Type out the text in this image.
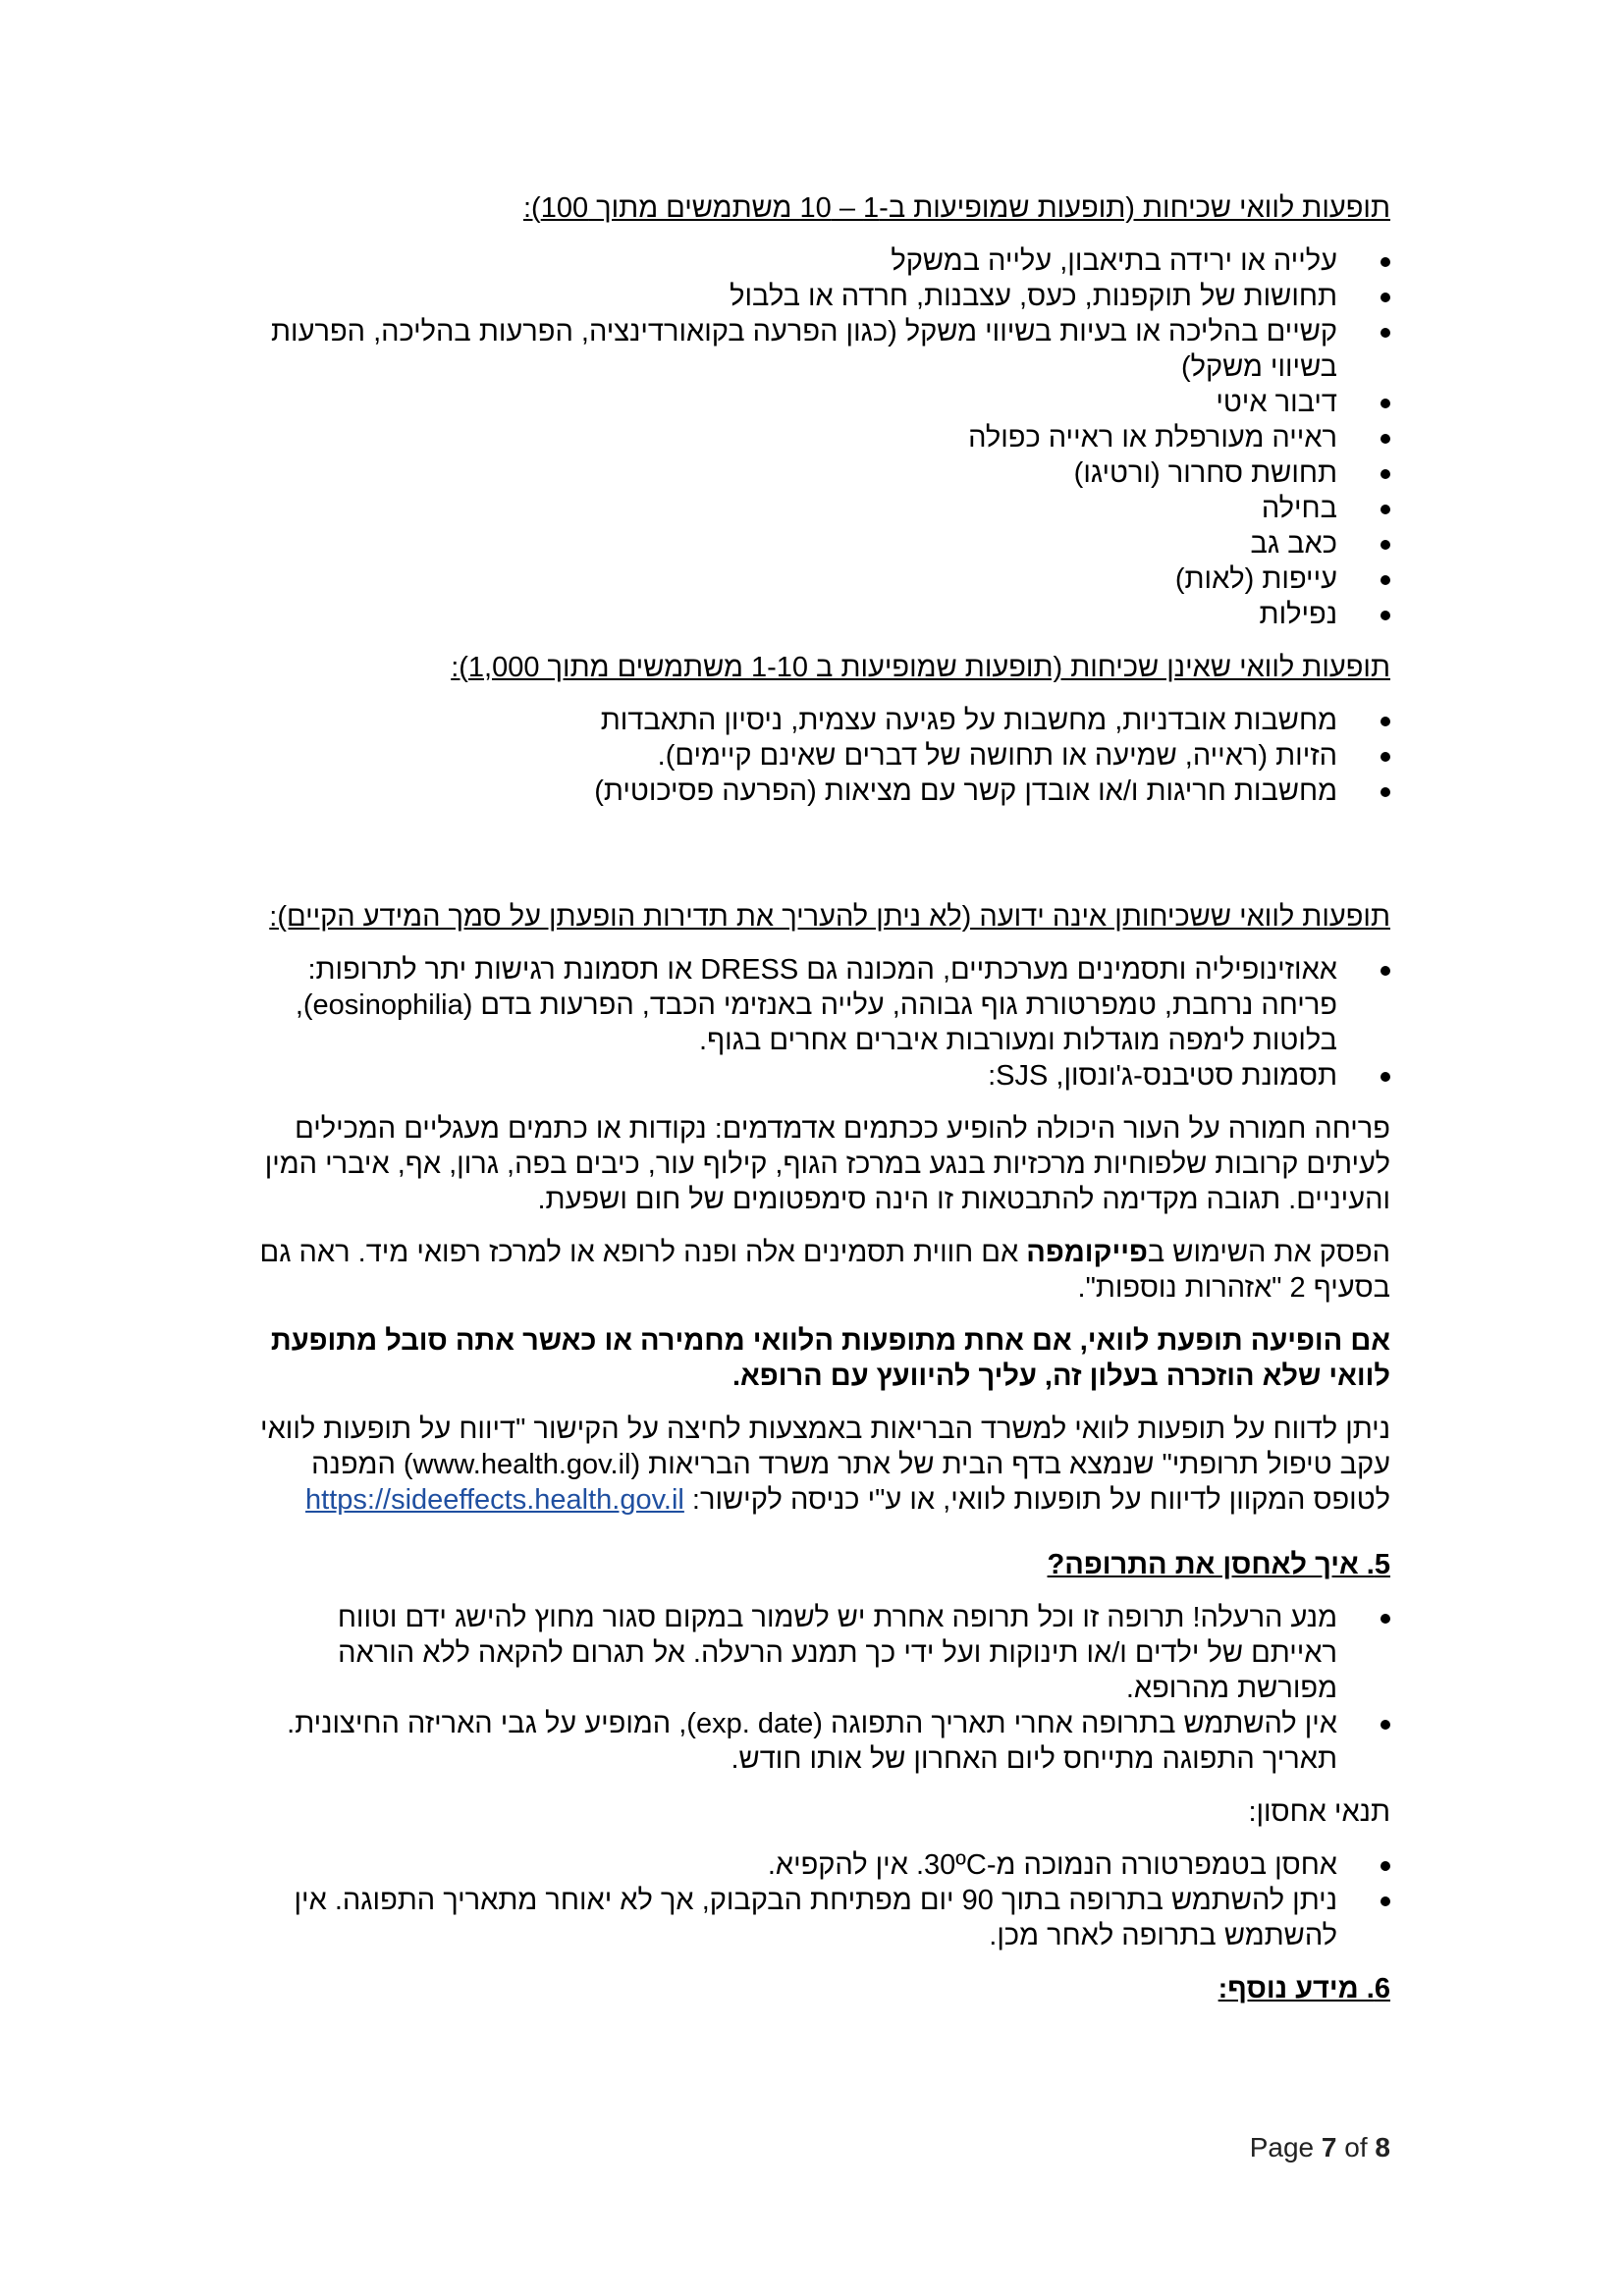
תופעות לוואי שכיחות (תופעות שמופיעות ב-1 – 10 משתמשים מתוך 100):

עלייה או ירידה בתיאבון, עלייה במשקל
תחושות של תוקפנות, כעס, עצבנות, חרדה או בלבול
קשיים בהליכה או בעיות בשיווי משקל (כגון הפרעה בקואורדינציה, הפרעות בהליכה, הפרעות בשיווי משקל)
דיבור איטי
ראייה מעורפלת או ראייה כפולה
תחושת סחרור (ורטיגו)
בחילה
כאב גב
עייפות (לאות)
נפילות

תופעות לוואי שאינן שכיחות (תופעות שמופיעות ב 1-10 משתמשים מתוך 1,000):

מחשבות אובדניות, מחשבות על פגיעה עצמית, ניסיון התאבדות
הזיות (ראייה, שמיעה או תחושה של דברים שאינם קיימים).
מחשבות חריגות ו/או אובדן קשר עם מציאות (הפרעה פסיכוטית)

תופעות לוואי ששכיחותן אינה ידועה (לא ניתן להעריך את תדירות הופעתן על סמך המידע הקיים):

אאוזינופיליה ותסמינים מערכתיים, המכונה גם DRESS או תסמונת רגישות יתר לתרופות: פריחה נרחבת, טמפרטורת גוף גבוהה, עלייה באנזימי הכבד, הפרעות בדם (eosinophilia), בלוטות לימפה מוגדלות ומעורבות איברים אחרים בגוף.
תסמונת סטיבנס-ג'ונסון, SJS:

פריחה חמורה על העור היכולה להופיע ככתמים אדמדמים: נקודות או כתמים מעגליים המכילים לעיתים קרובות שלפוחיות מרכזיות בנגע במרכז הגוף, קילוף עור, כיבים בפה, גרון, אף, איברי המין והעיניים. תגובה מקדימה להתבטאות זו הינה סימפטומים של חום ושפעת.

הפסק את השימוש בפייקומפה אם חווית תסמינים אלה ופנה לרופא או למרכז רפואי מיד. ראה גם בסעיף 2 "אזהרות נוספות".

אם הופיעה תופעת לוואי, אם אחת מתופעות הלוואי מחמירה או כאשר אתה סובל מתופעת לוואי שלא הוזכרה בעלון זה, עליך להיוועץ עם הרופא.

ניתן לדווח על תופעות לוואי למשרד הבריאות באמצעות לחיצה על הקישור "דיווח על תופעות לוואי עקב טיפול תרופתי" שנמצא בדף הבית של אתר משרד הבריאות (www.health.gov.il) המפנה לטופס המקוון לדיווח על תופעות לוואי, או ע"י כניסה לקישור: https://sideeffects.health.gov.il

5. איך לאחסן את התרופה?

מנע הרעלה! תרופה זו וכל תרופה אחרת יש לשמור במקום סגור מחוץ להישג ידם וטווח ראייתם של ילדים ו/או תינוקות ועל ידי כך תמנע הרעלה. אל תגרום להקאה ללא הוראה מפורשת מהרופא.
אין להשתמש בתרופה אחרי תאריך התפוגה (exp. date), המופיע על גבי האריזה החיצונית. תאריך התפוגה מתייחס ליום האחרון של אותו חודש.

תנאי אחסון:

אחסן בטמפרטורה הנמוכה מ-30ºC. אין להקפיא.
ניתן להשתמש בתרופה בתוך 90 יום מפתיחת הבקבוק, אך לא יאוחר מתאריך התפוגה. אין להשתמש בתרופה לאחר מכן.

6. מידע נוסף:

Page 7 of 8
